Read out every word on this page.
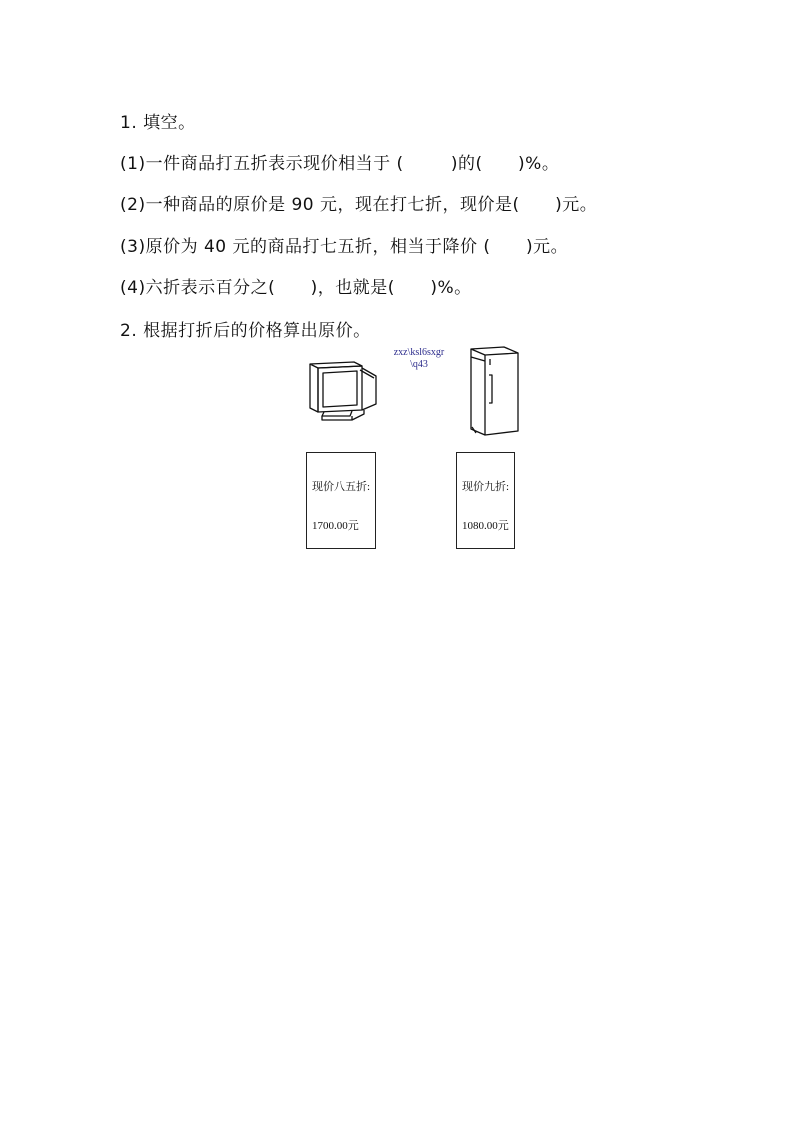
1. 填空。
(1)一件商品打五折表示现价相当于 (        )的(      )%。
(2)一种商品的原价是 90 元，现在打七折，现价是(      )元。
(3)原价为 40 元的商品打七五折，相当于降价 (      )元。
(4)六折表示百分之(      )，也就是(      )%。
2. 根据打折后的价格算出原价。
zxz\ksl6sxgr
\q43

现价八五折:

1700.00元

现价九折:

1080.00元
